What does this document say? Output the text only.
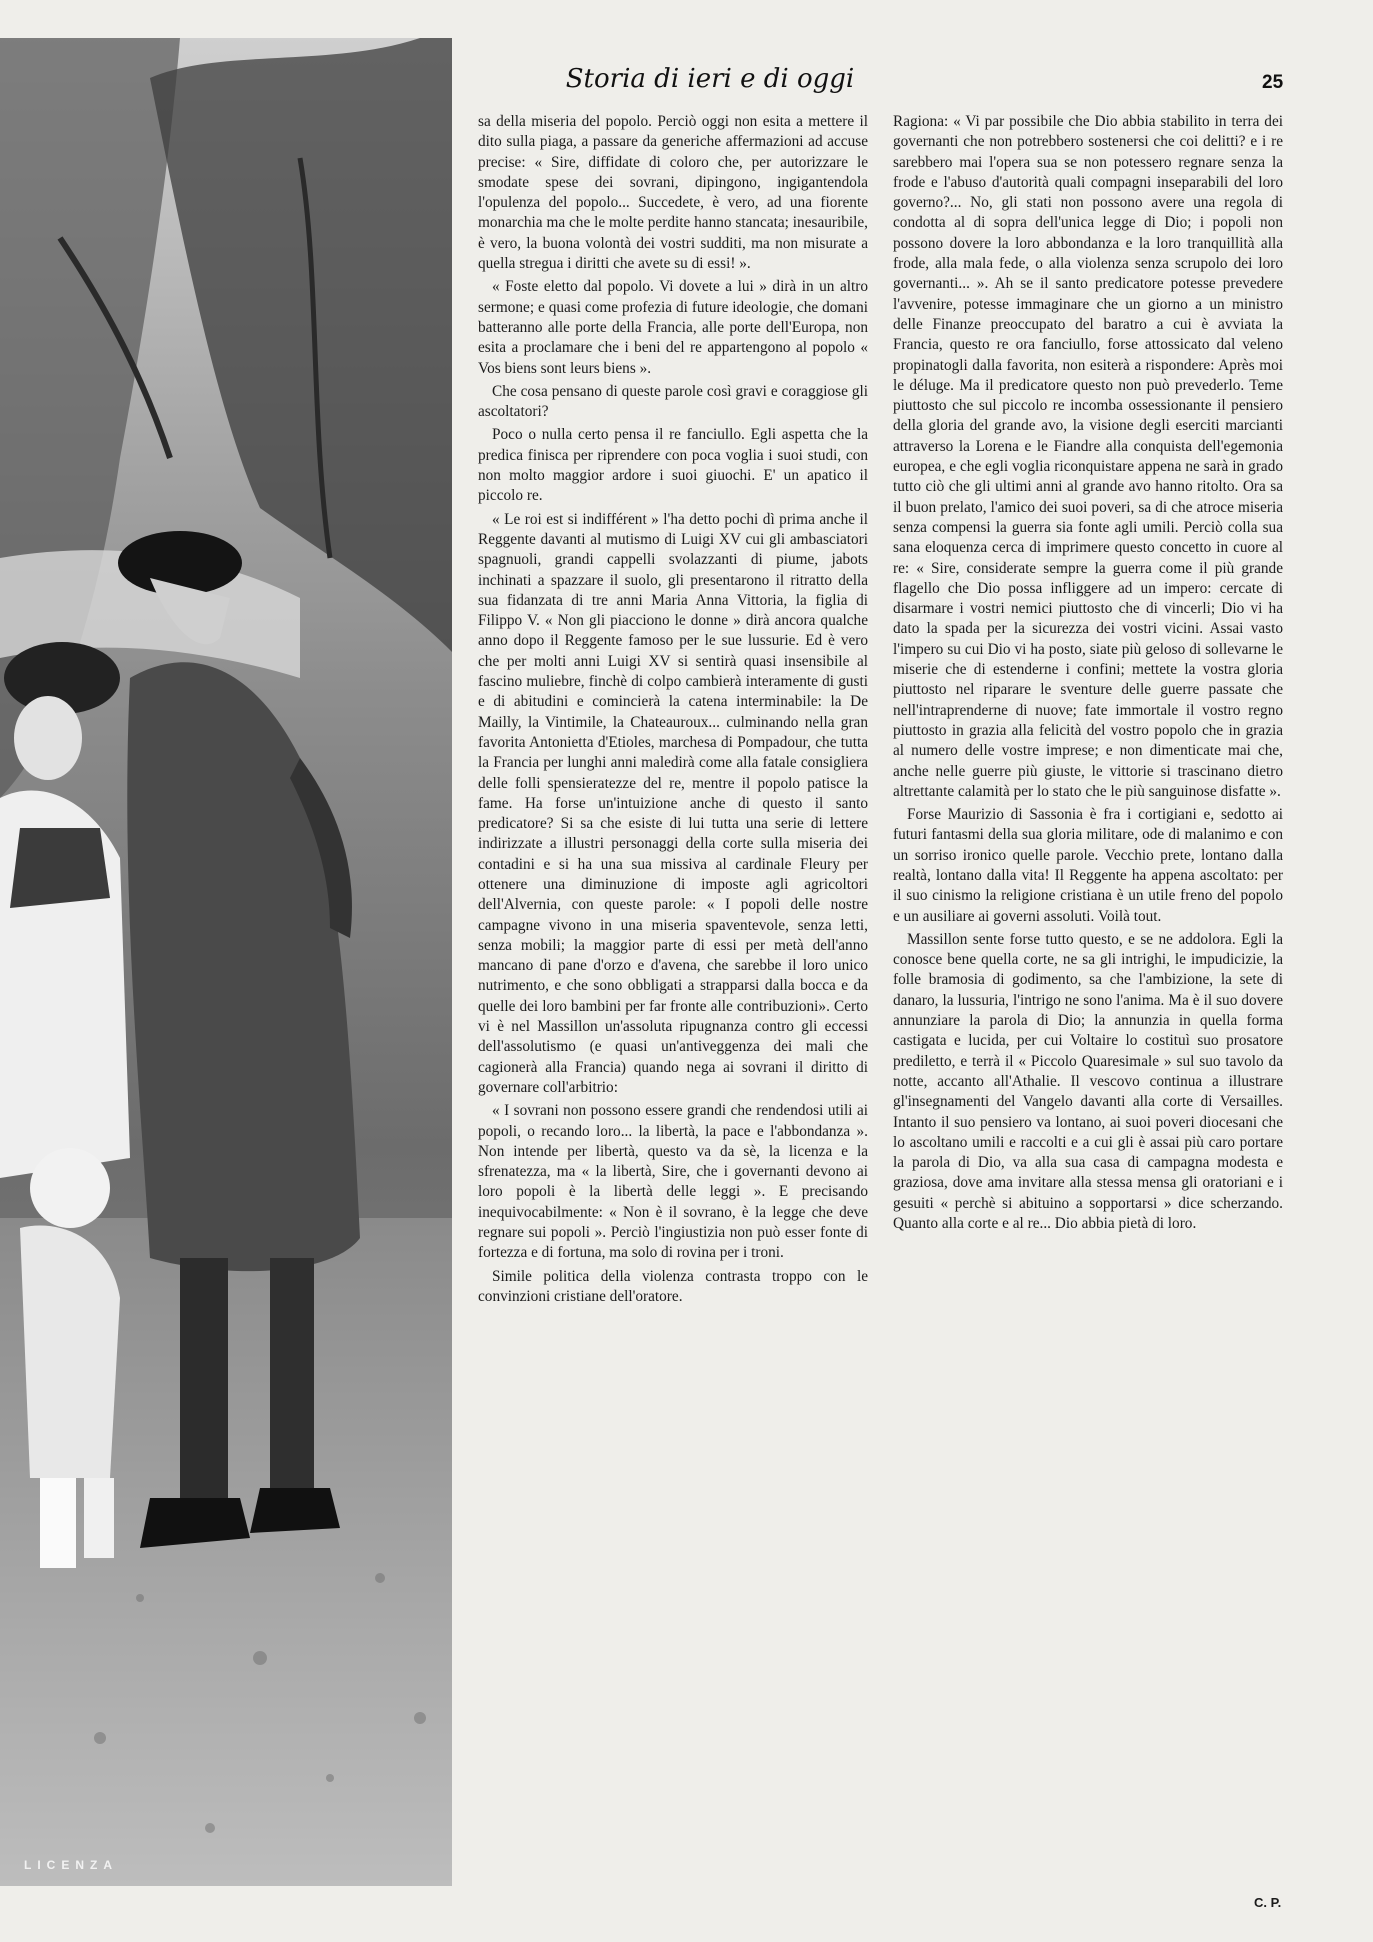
LICENZA
Storia di ieri e di oggi	25

sa della miseria del popolo. Perciò oggi non esita a mettere il dito sulla piaga, a passare da generiche affermazioni ad accuse precise: « Sire, diffidate di coloro che, per autorizzare le smodate spese dei sovrani, dipingono, ingigantendola l'opulenza del popolo... Succedete, è vero, ad una fiorente monarchia ma che le molte perdite hanno stancata; inesauribile, è vero, la buona volontà dei vostri sudditi, ma non misurate a quella stregua i diritti che avete su di essi! ».

« Foste eletto dal popolo. Vi dovete a lui » dirà in un altro sermone; e quasi come profezia di future ideologie, che domani batteranno alle porte della Francia, alle porte dell'Europa, non esita a proclamare che i beni del re appartengono al popolo « Vos biens sont leurs biens ».

Che cosa pensano di queste parole così gravi e coraggiose gli ascoltatori?

Poco o nulla certo pensa il re fanciullo. Egli aspetta che la predica finisca per riprendere con poca voglia i suoi studi, con non molto maggior ardore i suoi giuochi. E' un apatico il piccolo re.

« Le roi est si indifférent » l'ha detto pochi dì prima anche il Reggente davanti al mutismo di Luigi XV cui gli ambasciatori spagnuoli, grandi cappelli svolazzanti di piume, jabots inchinati a spazzare il suolo, gli presentarono il ritratto della sua fidanzata di tre anni Maria Anna Vittoria, la figlia di Filippo V. « Non gli piacciono le donne » dirà ancora qualche anno dopo il Reggente famoso per le sue lussurie. Ed è vero che per molti anni Luigi XV si sentirà quasi insensibile al fascino muliebre, finchè di colpo cambierà interamente di gusti e di abitudini e comincierà la catena interminabile: la De Mailly, la Vintimile, la Chateauroux... culminando nella gran favorita Antonietta d'Etioles, marchesa di Pompadour, che tutta la Francia per lunghi anni maledirà come alla fatale consigliera delle folli spensieratezze del re, mentre il popolo patisce la fame. Ha forse un'intuizione anche di questo il santo predicatore? Si sa che esiste di lui tutta una serie di lettere indirizzate a illustri personaggi della corte sulla miseria dei contadini e si ha una sua missiva al cardinale Fleury per ottenere una diminuzione di imposte agli agricoltori dell'Alvernia, con queste parole: « I popoli delle nostre campagne vivono in una miseria spaventevole, senza letti, senza mobili; la maggior parte di essi per metà dell'anno mancano di pane d'orzo e d'avena, che sarebbe il loro unico nutrimento, e che sono obbligati a strapparsi dalla bocca e da quelle dei loro bambini per far fronte alle contribuzioni». Certo vi è nel Massillon un'assoluta ripugnanza contro gli eccessi dell'assolutismo (e quasi un'antiveggenza dei mali che cagionerà alla Francia) quando nega ai sovrani il diritto di governare coll'arbitrio:

« I sovrani non possono essere grandi che rendendosi utili ai popoli, o recando loro... la libertà, la pace e l'abbondanza ». Non intende per libertà, questo va da sè, la licenza e la sfrenatezza, ma « la libertà, Sire, che i governanti devono ai loro popoli è la libertà delle leggi ». E precisando inequivocabilmente: « Non è il sovrano, è la legge che deve regnare sui popoli ». Perciò l'ingiustizia non può esser fonte di fortezza e di fortuna, ma solo di rovina per i troni.

Simile politica della violenza contrasta troppo con le convinzioni cristiane dell'oratore.

Ragiona: « Vi par possibile che Dio abbia stabilito in terra dei governanti che non potrebbero sostenersi che coi delitti? e i re sarebbero mai l'opera sua se non potessero regnare senza la frode e l'abuso d'autorità quali compagni inseparabili del loro governo?... No, gli stati non possono avere una regola di condotta al di sopra dell'unica legge di Dio; i popoli non possono dovere la loro abbondanza e la loro tranquillità alla frode, alla mala fede, o alla violenza senza scrupolo dei loro governanti... ». Ah se il santo predicatore potesse prevedere l'avvenire, potesse immaginare che un giorno a un ministro delle Finanze preoccupato del baratro a cui è avviata la Francia, questo re ora fanciullo, forse attossicato dal veleno propinatogli dalla favorita, non esiterà a rispondere: Après moi le déluge. Ma il predicatore questo non può prevederlo. Teme piuttosto che sul piccolo re incomba ossessionante il pensiero della gloria del grande avo, la visione degli eserciti marcianti attraverso la Lorena e le Fiandre alla conquista dell'egemonia europea, e che egli voglia riconquistare appena ne sarà in grado tutto ciò che gli ultimi anni al grande avo hanno ritolto. Ora sa il buon prelato, l'amico dei suoi poveri, sa di che atroce miseria senza compensi la guerra sia fonte agli umili. Perciò colla sua sana eloquenza cerca di imprimere questo concetto in cuore al re: « Sire, considerate sempre la guerra come il più grande flagello che Dio possa infliggere ad un impero: cercate di disarmare i vostri nemici piuttosto che di vincerli; Dio vi ha dato la spada per la sicurezza dei vostri vicini. Assai vasto l'impero su cui Dio vi ha posto, siate più geloso di sollevarne le miserie che di estenderne i confini; mettete la vostra gloria piuttosto nel riparare le sventure delle guerre passate che nell'intraprenderne di nuove; fate immortale il vostro regno piuttosto in grazia alla felicità del vostro popolo che in grazia al numero delle vostre imprese; e non dimenticate mai che, anche nelle guerre più giuste, le vittorie si trascinano dietro altrettante calamità per lo stato che le più sanguinose disfatte ».

Forse Maurizio di Sassonia è fra i cortigiani e, sedotto ai futuri fantasmi della sua gloria militare, ode di malanimo e con un sorriso ironico quelle parole. Vecchio prete, lontano dalla realtà, lontano dalla vita! Il Reggente ha appena ascoltato: per il suo cinismo la religione cristiana è un utile freno del popolo e un ausiliare ai governi assoluti. Voilà tout.

Massillon sente forse tutto questo, e se ne addolora. Egli la conosce bene quella corte, ne sa gli intrighi, le impudicizie, la folle bramosia di godimento, sa che l'ambizione, la sete di danaro, la lussuria, l'intrigo ne sono l'anima. Ma è il suo dovere annunziare la parola di Dio; la annunzia in quella forma castigata e lucida, per cui Voltaire lo costituì suo prosatore prediletto, e terrà il « Piccolo Quaresimale » sul suo tavolo da notte, accanto all'Athalie. Il vescovo continua a illustrare gl'insegnamenti del Vangelo davanti alla corte di Versailles. Intanto il suo pensiero va lontano, ai suoi poveri diocesani che lo ascoltano umili e raccolti e a cui gli è assai più caro portare la parola di Dio, va alla sua casa di campagna modesta e graziosa, dove ama invitare alla stessa mensa gli oratoriani e i gesuiti « perchè si abituino a sopportarsi » dice scherzando. Quanto alla corte e al re... Dio abbia pietà di loro.

C. P.
